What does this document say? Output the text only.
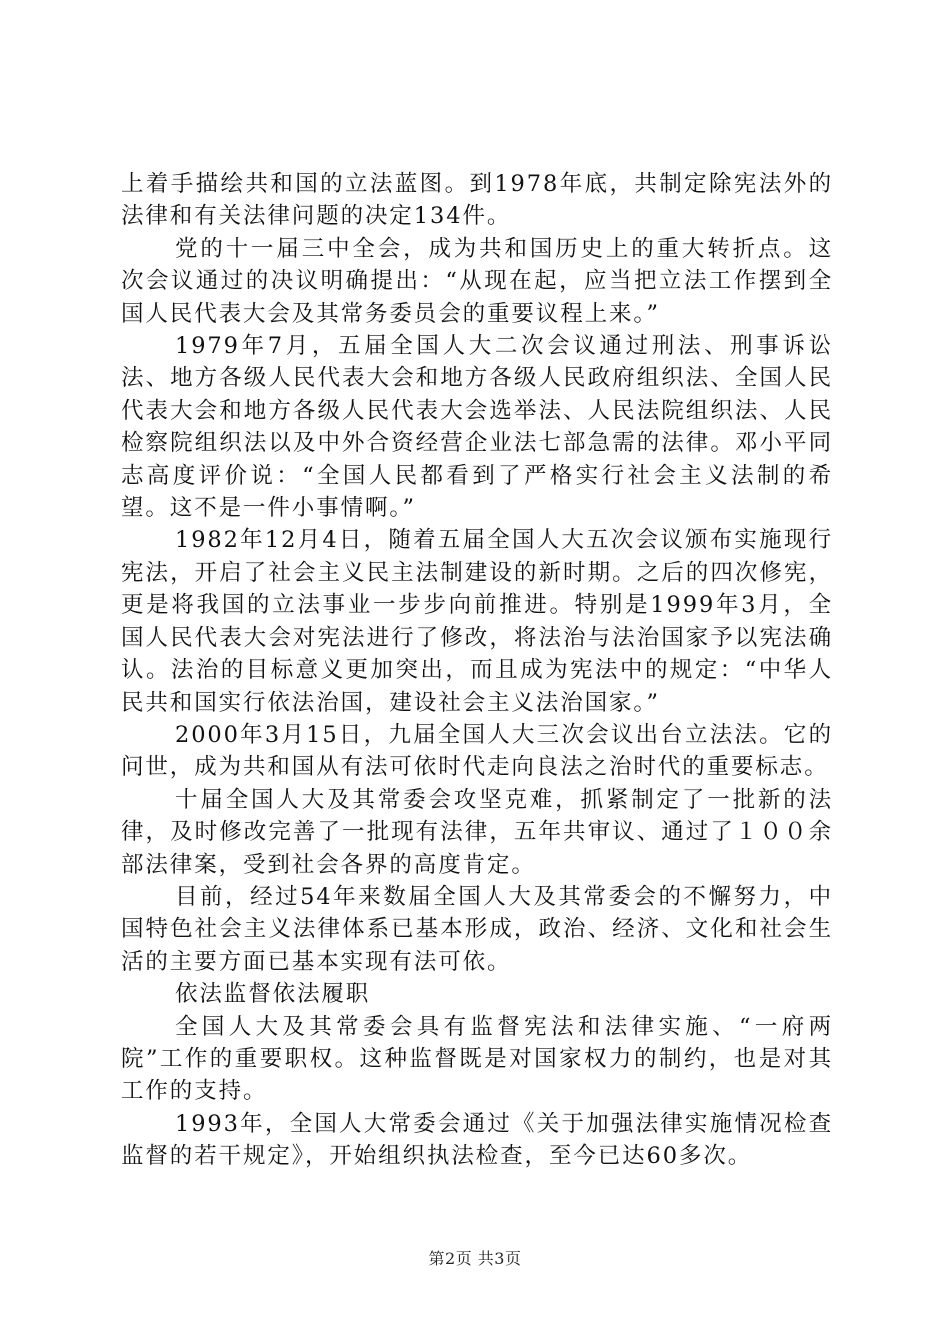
上着手描绘共和国的立法蓝图。到1978年底，共制定除宪法外的法律和有关法律问题的决定134件。

党的十一届三中全会，成为共和国历史上的重大转折点。这次会议通过的决议明确提出：“从现在起，应当把立法工作摆到全国人民代表大会及其常务委员会的重要议程上来。”

1979年7月，五届全国人大二次会议通过刑法、刑事诉讼法、地方各级人民代表大会和地方各级人民政府组织法、全国人民代表大会和地方各级人民代表大会选举法、人民法院组织法、人民检察院组织法以及中外合资经营企业法七部急需的法律。邓小平同志高度评价说：“全国人民都看到了严格实行社会主义法制的希望。这不是一件小事情啊。”

1982年12月4日，随着五届全国人大五次会议颁布实施现行宪法，开启了社会主义民主法制建设的新时期。之后的四次修宪，更是将我国的立法事业一步步向前推进。特别是1999年3月，全国人民代表大会对宪法进行了修改，将法治与法治国家予以宪法确认。法治的目标意义更加突出，而且成为宪法中的规定：“中华人民共和国实行依法治国，建设社会主义法治国家。”

2000年3月15日，九届全国人大三次会议出台立法法。它的问世，成为共和国从有法可依时代走向良法之治时代的重要标志。

十届全国人大及其常委会攻坚克难，抓紧制定了一批新的法律，及时修改完善了一批现有法律，五年共审议、通过了１００余部法律案，受到社会各界的高度肯定。

目前，经过54年来数届全国人大及其常委会的不懈努力，中国特色社会主义法律体系已基本形成，政治、经济、文化和社会生活的主要方面已基本实现有法可依。

依法监督依法履职

全国人大及其常委会具有监督宪法和法律实施、“一府两院”工作的重要职权。这种监督既是对国家权力的制约，也是对其工作的支持。

1993年，全国人大常委会通过《关于加强法律实施情况检查监督的若干规定》，开始组织执法检查，至今已达60多次。

第2页 共3页
